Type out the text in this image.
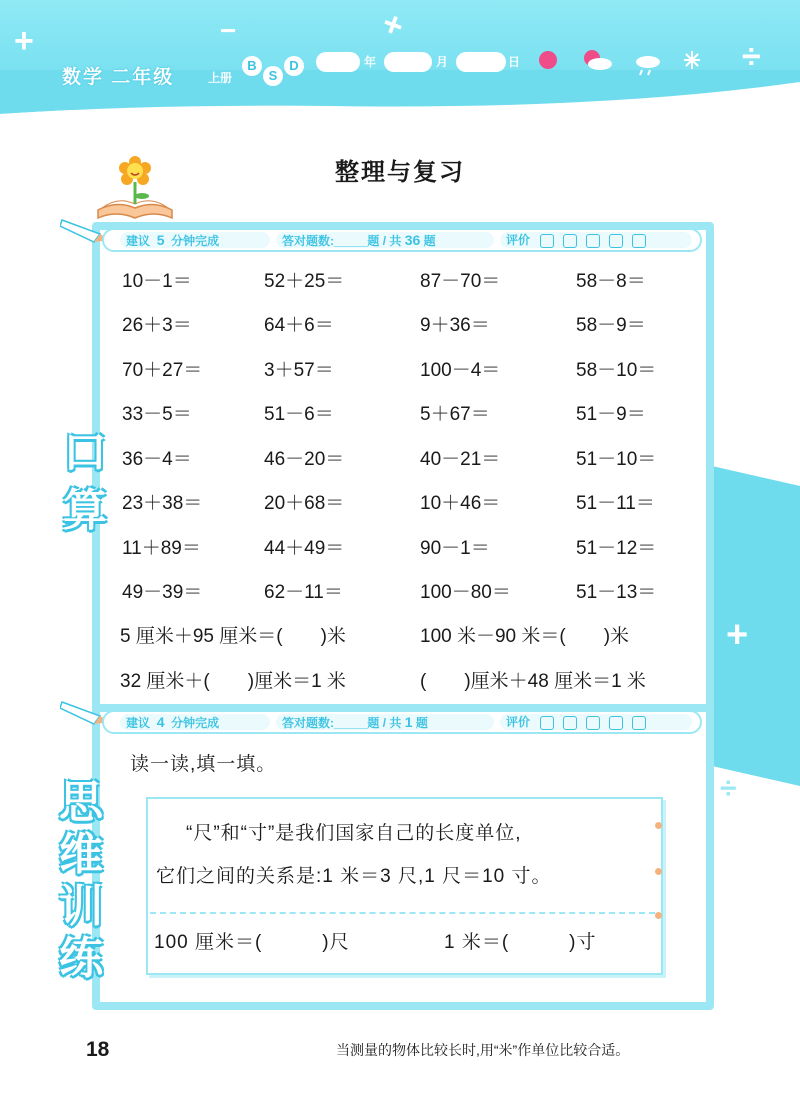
+	−	+
÷
数学 二年级	上册
B
S
D	年	月	日
整理与复习
建议 5 分钟完成	答对题数:_____题 / 共 36 题	评价
口
算
10－1＝	52＋25＝	87－70＝	58－8＝
26＋3＝	64＋6＝	9＋36＝	58－9＝
70＋27＝	3＋57＝	100－4＝	58－10＝
33－5＝	51－6＝	5＋67＝	51－9＝
36－4＝	46－20＝	40－21＝	51－10＝
23＋38＝	20＋68＝	10＋46＝	51－11＝
11＋89＝	44＋49＝	90－1＝	51－12＝
49－39＝	62－11＝	100－80＝	51－13＝
5 厘米＋95 厘米＝(　　)米	100 米－90 米＝(　　)米
32 厘米＋(　　)厘米＝1 米	(　　)厘米＋48 厘米＝1 米
+
÷
建议 4 分钟完成	答对题数:_____题 / 共 1 题	评价
思
维
训
练
读一读,填一填。
“尺”和“寸”是我们国家自己的长度单位,
它们之间的关系是:1 米＝3 尺,1 尺＝10 寸。
100 厘米＝(　　　)尺	1 米＝(　　　)寸
18	当测量的物体比较长时,用“米”作单位比较合适。
